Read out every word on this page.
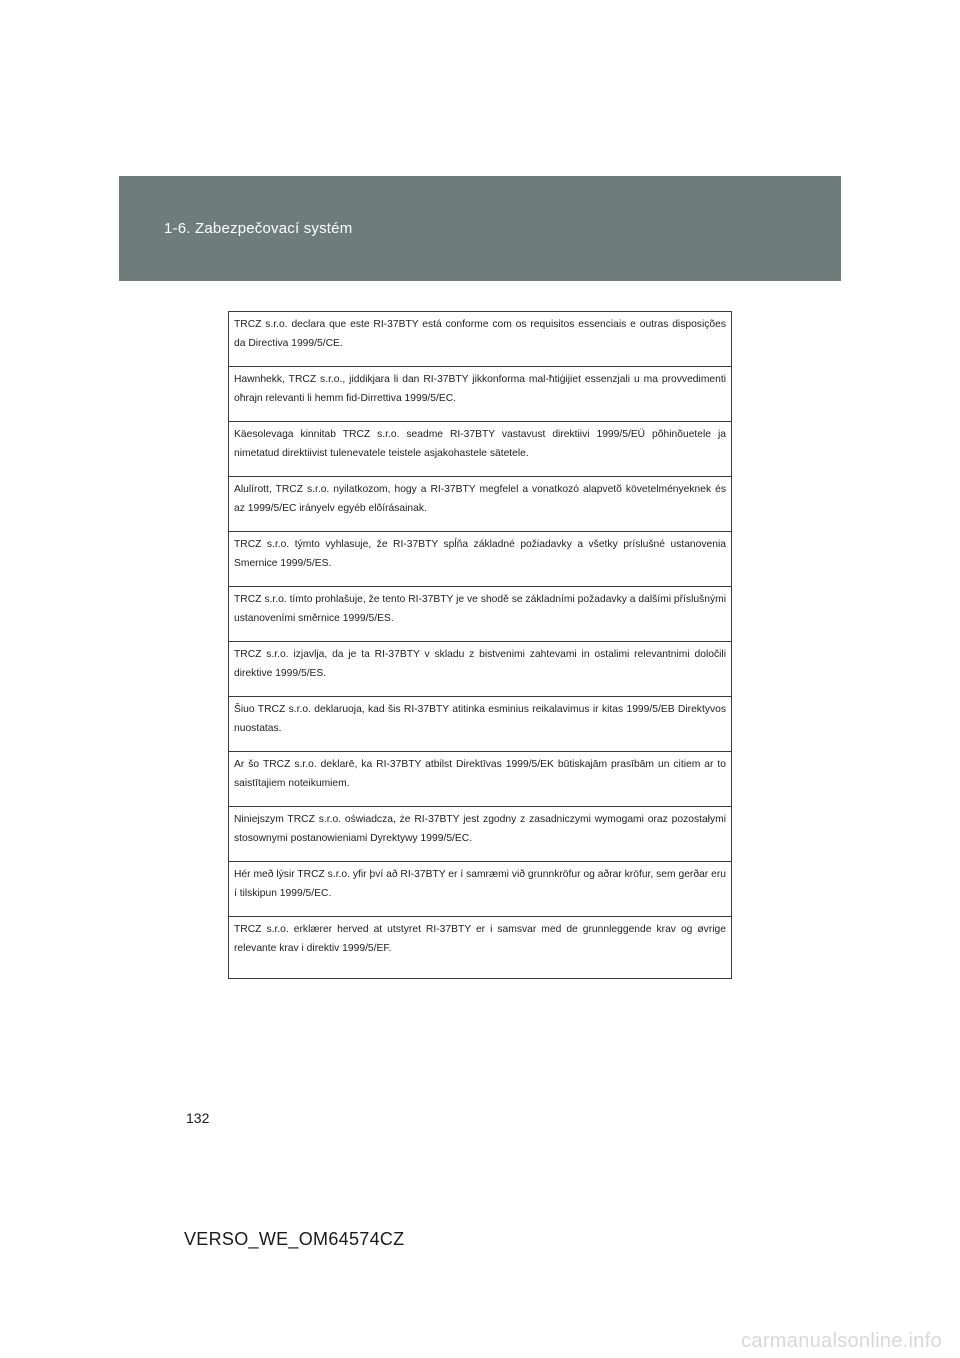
1-6. Zabezpečovací systém
TRCZ s.r.o. declara que este RI-37BTY está conforme com os requisitos essenciais e outras disposições da Directiva 1999/5/CE.
Hawnhekk, TRCZ s.r.o., jiddikjara li dan RI-37BTY jikkonforma mal-ħtiġijiet essenzjali u ma provvedimenti oħrajn relevanti li hemm fid-Dirrettiva 1999/5/EC.
Käesolevaga kinnitab TRCZ s.r.o. seadme RI-37BTY vastavust direktiivi 1999/5/EÜ põhinõuetele ja nimetatud direktiivist tulenevatele teistele asjakohastele sätetele.
Alulírott, TRCZ s.r.o. nyilatkozom, hogy a RI-37BTY megfelel a vonatkozó alapvetõ követelményeknek és az 1999/5/EC irányelv egyéb elõírásainak.
TRCZ s.r.o. týmto vyhlasuje, že RI-37BTY spĺňa základné požiadavky a všetky príslušné ustanovenia Smernice 1999/5/ES.
TRCZ s.r.o. tímto prohlašuje, že tento RI-37BTY je ve shodě se základními požadavky a dalšími příslušnými ustanoveními směrnice 1999/5/ES.
TRCZ s.r.o. izjavlja, da je ta RI-37BTY v skladu z bistvenimi zahtevami in ostalimi relevantnimi določili direktive 1999/5/ES.
Šiuo TRCZ s.r.o. deklaruoja, kad šis RI-37BTY atitinka esminius reikalavimus ir kitas 1999/5/EB Direktyvos nuostatas.
Ar šo TRCZ s.r.o. deklarē, ka RI-37BTY atbilst Direktīvas 1999/5/EK būtiskajām prasībām un citiem ar to saistītajiem noteikumiem.
Niniejszym TRCZ s.r.o. oświadcza, że RI-37BTY jest zgodny z zasadniczymi wymogami oraz pozostałymi stosownymi postanowieniami Dyrektywy 1999/5/EC.
Hér með lýsir TRCZ s.r.o. yfir því að RI-37BTY er í samræmi við grunnkröfur og aðrar kröfur, sem gerðar eru í tilskipun 1999/5/EC.
TRCZ s.r.o. erklærer herved at utstyret RI-37BTY er i samsvar med de grunnleggende krav og øvrige relevante krav i direktiv 1999/5/EF.
132
VERSO_WE_OM64574CZ
carmanualsonline.info
